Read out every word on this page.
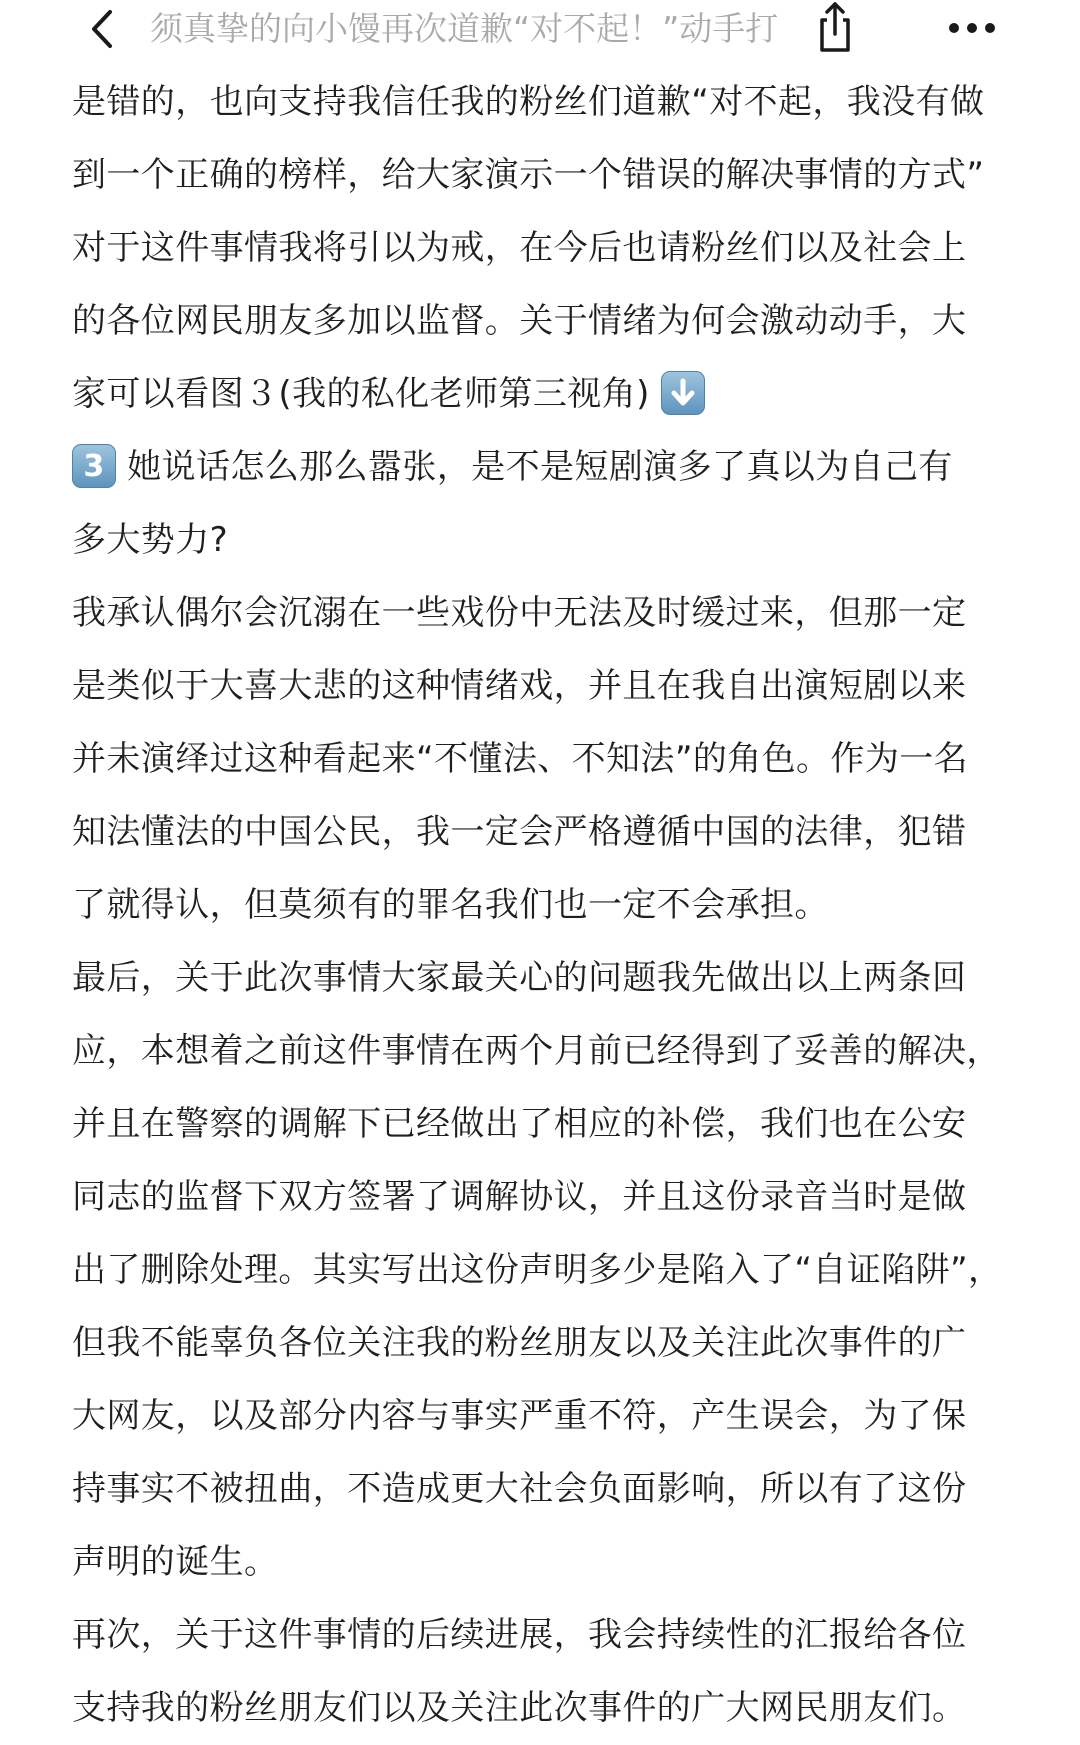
须真挚的向小馒再次道歉“对不起！”动手打
是错的，也向支持我信任我的粉丝们道歉“对不起，我没有做
到一个正确的榜样，给大家演示一个错误的解决事情的方式”
对于这件事情我将引以为戒，在今后也请粉丝们以及社会上
的各位网民朋友多加以监督。关于情绪为何会激动动手，大
家可以看图３(我的私化老师第三视角)
3 她说话怎么那么嚣张，是不是短剧演多了真以为自己有
多大势力?
我承认偶尔会沉溺在一些戏份中无法及时缓过来，但那一定
是类似于大喜大悲的这种情绪戏，并且在我自出演短剧以来
并未演绎过这种看起来“不懂法、不知法”的角色。作为一名
知法懂法的中国公民，我一定会严格遵循中国的法律，犯错
了就得认，但莫须有的罪名我们也一定不会承担。
最后，关于此次事情大家最关心的问题我先做出以上两条回
应，本想着之前这件事情在两个月前已经得到了妥善的解决，
并且在警察的调解下已经做出了相应的补偿，我们也在公安
同志的监督下双方签署了调解协议，并且这份录音当时是做
出了删除处理。其实写出这份声明多少是陷入了“自证陷阱”，
但我不能辜负各位关注我的粉丝朋友以及关注此次事件的广
大网友，以及部分内容与事实严重不符，产生误会，为了保
持事实不被扭曲，不造成更大社会负面影响，所以有了这份
声明的诞生。
再次，关于这件事情的后续进展，我会持续性的汇报给各位
支持我的粉丝朋友们以及关注此次事件的广大网民朋友们。
